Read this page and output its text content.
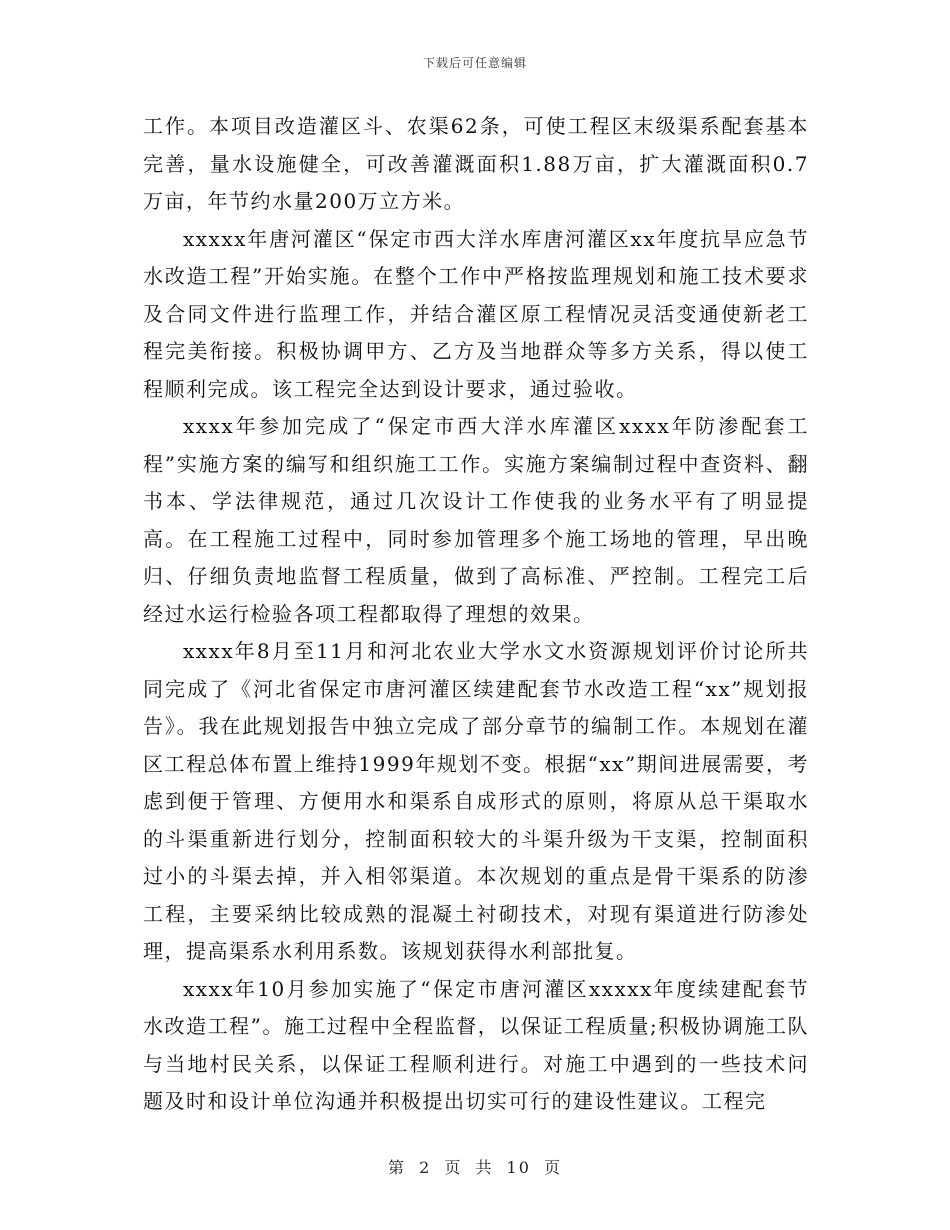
下载后可任意编辑

工作。本项目改造灌区斗、农渠62条，可使工程区末级渠系配套基本完善，量水设施健全，可改善灌溉面积1.88万亩，扩大灌溉面积0.7万亩，年节约水量200万立方米。

xxxxx年唐河灌区“保定市西大洋水库唐河灌区xx年度抗旱应急节水改造工程”开始实施。在整个工作中严格按监理规划和施工技术要求及合同文件进行监理工作，并结合灌区原工程情况灵活变通使新老工程完美衔接。积极协调甲方、乙方及当地群众等多方关系，得以使工程顺利完成。该工程完全达到设计要求，通过验收。

xxxx年参加完成了“保定市西大洋水库灌区xxxx年防渗配套工程”实施方案的编写和组织施工工作。实施方案编制过程中查资料、翻书本、学法律规范，通过几次设计工作使我的业务水平有了明显提高。在工程施工过程中，同时参加管理多个施工场地的管理，早出晚归、仔细负责地监督工程质量，做到了高标准、严控制。工程完工后经过水运行检验各项工程都取得了理想的效果。

xxxx年8月至11月和河北农业大学水文水资源规划评价讨论所共同完成了《河北省保定市唐河灌区续建配套节水改造工程“xx”规划报告》。我在此规划报告中独立完成了部分章节的编制工作。本规划在灌区工程总体布置上维持1999年规划不变。根据“xx”期间进展需要，考虑到便于管理、方便用水和渠系自成形式的原则，将原从总干渠取水的斗渠重新进行划分，控制面积较大的斗渠升级为干支渠，控制面积过小的斗渠去掉，并入相邻渠道。本次规划的重点是骨干渠系的防渗工程，主要采纳比较成熟的混凝土衬砌技术，对现有渠道进行防渗处理，提高渠系水利用系数。该规划获得水利部批复。

xxxx年10月参加实施了“保定市唐河灌区xxxxx年度续建配套节水改造工程”。施工过程中全程监督，以保证工程质量;积极协调施工队与当地村民关系，以保证工程顺利进行。对施工中遇到的一些技术问题及时和设计单位沟通并积极提出切实可行的建设性建议。工程完

第 2 页 共 10 页
